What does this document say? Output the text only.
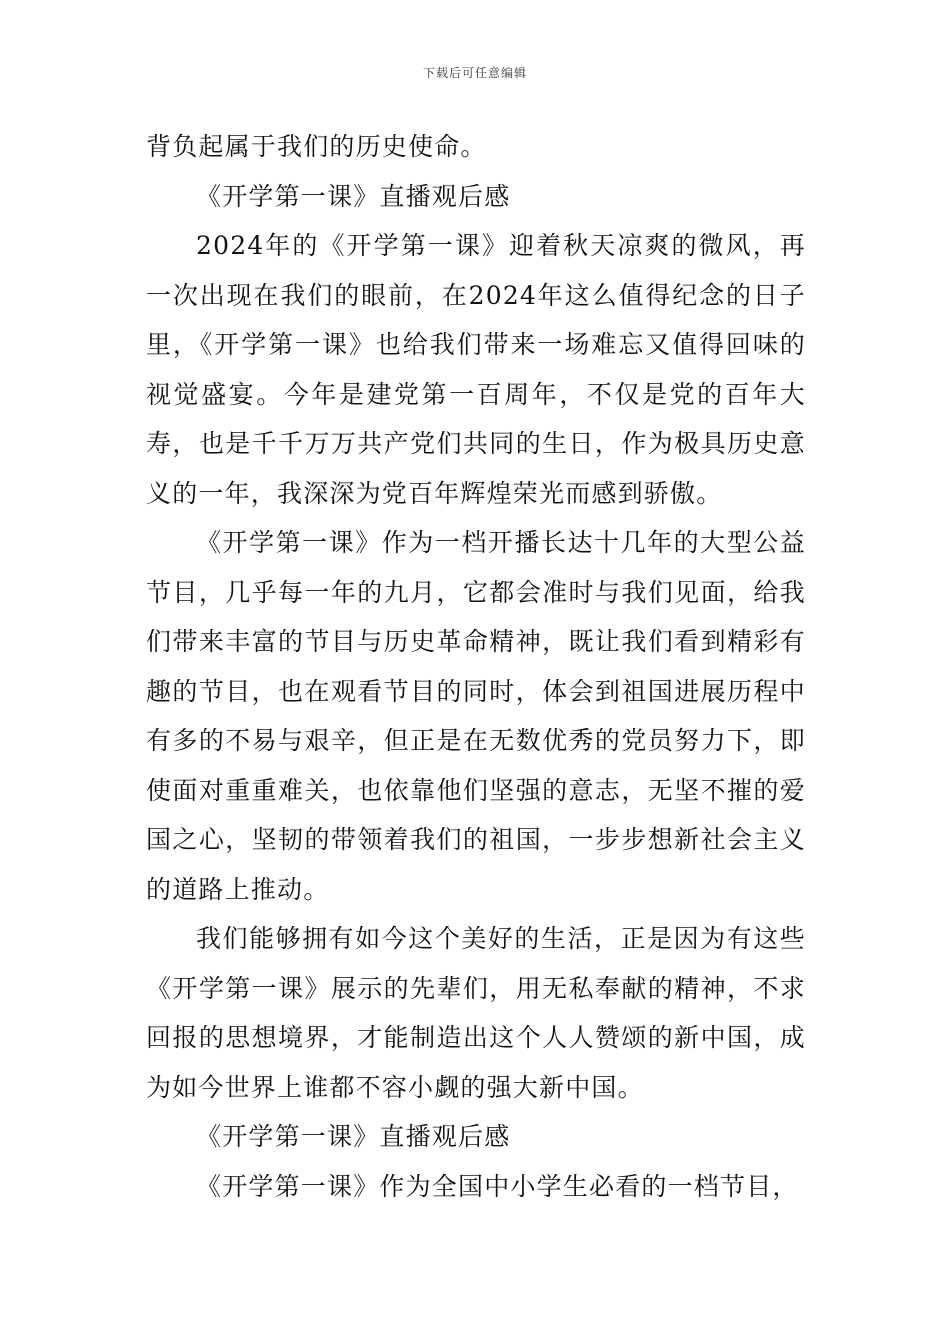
下载后可任意编辑

背负起属于我们的历史使命。

《开学第一课》直播观后感

2024年的《开学第一课》迎着秋天凉爽的微风，再一次出现在我们的眼前，在2024年这么值得纪念的日子里，《开学第一课》也给我们带来一场难忘又值得回味的视觉盛宴。今年是建党第一百周年，不仅是党的百年大寿，也是千千万万共产党们共同的生日，作为极具历史意义的一年，我深深为党百年辉煌荣光而感到骄傲。

《开学第一课》作为一档开播长达十几年的大型公益节目，几乎每一年的九月，它都会准时与我们见面，给我们带来丰富的节目与历史革命精神，既让我们看到精彩有趣的节目，也在观看节目的同时，体会到祖国进展历程中有多的不易与艰辛，但正是在无数优秀的党员努力下，即使面对重重难关，也依靠他们坚强的意志，无坚不摧的爱国之心，坚韧的带领着我们的祖国，一步步想新社会主义的道路上推动。

我们能够拥有如今这个美好的生活，正是因为有这些《开学第一课》展示的先辈们，用无私奉献的精神，不求回报的思想境界，才能制造出这个人人赞颂的新中国，成为如今世界上谁都不容小觑的强大新中国。

《开学第一课》直播观后感

《开学第一课》作为全国中小学生必看的一档节目，
